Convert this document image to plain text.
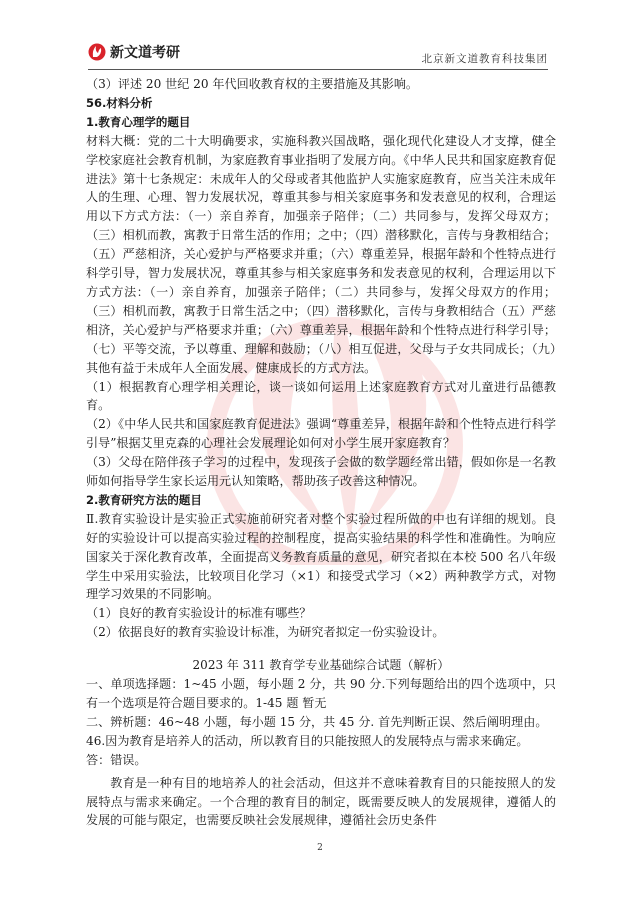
新文道考研	北京新文道教育科技集团

（3）评述 20 世纪 20 年代回收教育权的主要措施及其影响。

56.材料分析

1.教育心理学的题目

材料大概：党的二十大明确要求，实施科教兴国战略，强化现代化建设人才支撑，健全学校家庭社会教育机制，为家庭教育事业指明了发展方向。《中华人民共和国家庭教育促进法》第十七条规定：未成年人的父母或者其他监护人实施家庭教育，应当关注未成年人的生理、心理、智力发展状况，尊重其参与相关家庭事务和发表意见的权利，合理运用以下方式方法：（一）亲自养育，加强亲子陪伴；（二）共同参与，发挥父母双方；（三）相机而教，寓教于日常生活的作用；之中；（四）潜移默化，言传与身教相结合；（五）严慈相济，关心爱护与严格要求并重；（六）尊重差异，根据年龄和个性特点进行科学引导，智力发展状况，尊重其参与相关家庭事务和发表意见的权利，合理运用以下方式方法：（一）亲自养育，加强亲子陪伴；（二）共同参与，发挥父母双方的作用；（三）相机而教，寓教于日常生活之中；（四）潜移默化，言传与身教相结合（五）严慈相济，关心爱护与严格要求并重；（六）尊重差异，根据年龄和个性特点进行科学引导；（七）平等交流，予以尊重、理解和鼓励；（八）相互促进，父母与子女共同成长；（九）其他有益于未成年人全面发展、健康成长的方式方法。

（1）根据教育心理学相关理论，谈一谈如何运用上述家庭教育方式对儿童进行品德教育。

（2）《中华人民共和国家庭教育促进法》强调“尊重差异，根据年龄和个性特点进行科学引导”根据艾里克森的心理社会发展理论如何对小学生展开家庭教育？

（3）父母在陪伴孩子学习的过程中，发现孩子会做的数学题经常出错，假如你是一名教师如何指导学生家长运用元认知策略，帮助孩子改善这种情况。

2.教育研究方法的题目

Ⅱ.教育实验设计是实验正式实施前研究者对整个实验过程所做的中也有详细的规划。良好的实验设计可以提高实验过程的控制程度，提高实验结果的科学性和准确性。为响应国家关于深化教育改革，全面提高义务教育质量的意见，研究者拟在本校 500 名八年级学生中采用实验法，比较项目化学习（×1）和接受式学习（×2）两种教学方式，对物理学习效果的不同影响。

（1）良好的教育实验设计的标准有哪些？

（2）依据良好的教育实验设计标准，为研究者拟定一份实验设计。

2023 年 311 教育学专业基础综合试题（解析）

一、单项选择题：1~45 小题，每小题 2 分，共 90 分.下列每题给出的四个选项中，只有一个选项是符合题目要求的。1-45 题 暂无

二、辨析题：46~48 小题，每小题 15 分，共 45 分. 首先判断正误、然后阐明理由。

46.因为教育是培养人的活动，所以教育目的只能按照人的发展特点与需求来确定。

答：错误。

教育是一种有目的地培养人的社会活动，但这并不意味着教育目的只能按照人的发展特点与需求来确定。一个合理的教育目的制定，既需要反映人的发展规律，遵循人的发展的可能与限定，也需要反映社会发展规律，遵循社会历史条件

2
